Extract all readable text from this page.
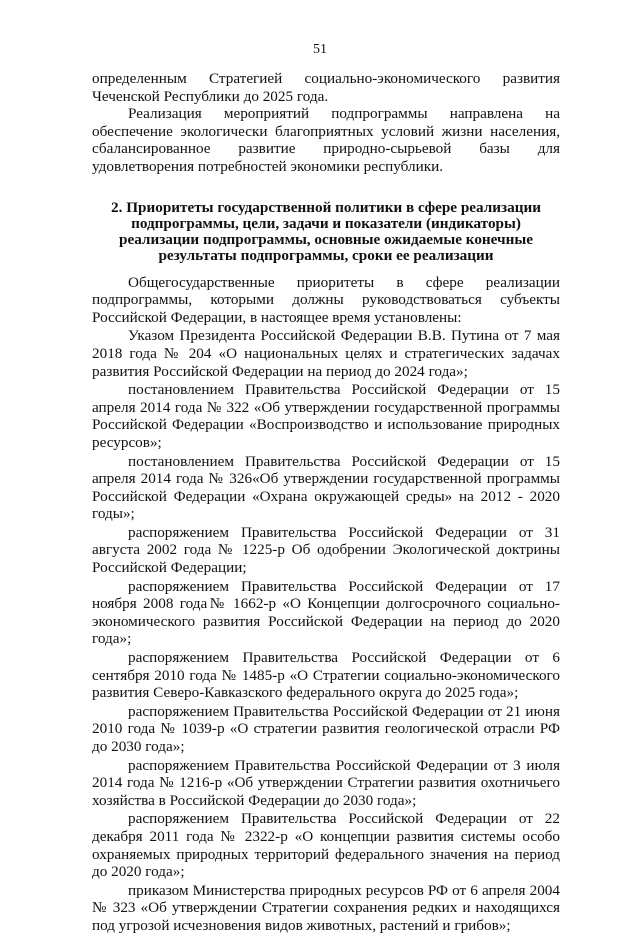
51

определенным Стратегией социально-экономического развития Чеченской Республики до 2025 года.

Реализация мероприятий подпрограммы направлена на обеспечение экологически благоприятных условий жизни населения, сбалансированное развитие природно-сырьевой базы для удовлетворения потребностей экономики республики.

2. Приоритеты государственной политики в сфере реализации подпрограммы, цели, задачи и показатели (индикаторы) реализации подпрограммы, основные ожидаемые конечные результаты подпрограммы, сроки ее реализации

Общегосударственные приоритеты в сфере реализации подпрограммы, которыми должны руководствоваться субъекты Российской Федерации, в настоящее время установлены:

Указом Президента Российской Федерации В.В. Путина от 7 мая 2018 года № 204 «О национальных целях и стратегических задачах развития Российской Федерации на период до 2024 года»;

постановлением Правительства Российской Федерации от 15 апреля 2014 года № 322 «Об утверждении государственной программы Российской Федерации «Воспроизводство и использование природных ресурсов»;

постановлением Правительства Российской Федерации от 15 апреля 2014 года № 326«Об утверждении государственной программы Российской Федерации «Охрана окружающей среды» на 2012 - 2020 годы»;

распоряжением Правительства Российской Федерации от 31 августа 2002 года № 1225-р Об одобрении Экологической доктрины Российской Федерации;

распоряжением Правительства Российской Федерации от 17 ноября 2008 года№ 1662-р «О Концепции долгосрочного социально-экономического развития Российской Федерации на период до 2020 года»;

распоряжением Правительства Российской Федерации от 6 сентября 2010 года № 1485-р «О Стратегии социально-экономического развития Северо-Кавказского федерального округа до 2025 года»;

распоряжением Правительства Российской Федерации от 21 июня 2010 года № 1039-р «О стратегии развития геологической отрасли РФ до 2030 года»;

распоряжением Правительства Российской Федерации от 3 июля 2014 года № 1216-р «Об утверждении Стратегии развития охотничьего хозяйства в Российской Федерации до 2030 года»;

распоряжением Правительства Российской Федерации от 22 декабря 2011 года № 2322-р «О концепции развития системы особо охраняемых природных территорий федерального значения на период до 2020 года»;

приказом Министерства природных ресурсов РФ от 6 апреля 2004 № 323 «Об утверждении Стратегии сохранения редких и находящихся под угрозой исчезновения видов животных, растений и грибов»;
